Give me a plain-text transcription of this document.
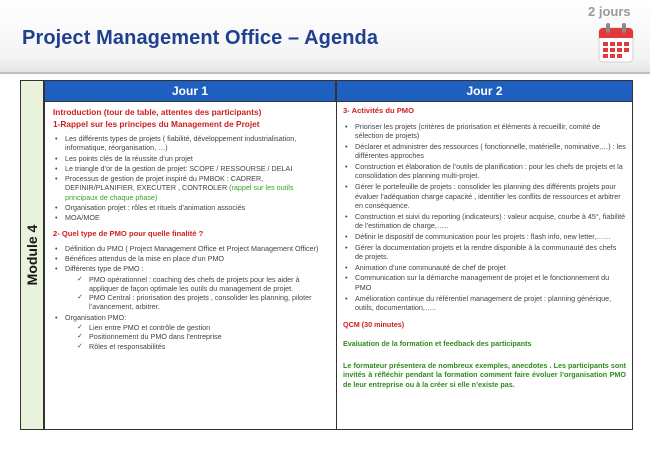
Project Management Office – Agenda
2 jours
Module 4
Jour 1	Jour 2
Introduction (tour de table, attentes des participants)
1-Rappel sur les principes du Management de Projet
• Les différents types de projets ( fiabilité, développement industrialisation, informatique, réorganisation, …)
• Les points clés de la réussite d’un projet
• Le triangle d’or de la gestion de projet: SCOPE / RESSOURSE / DELAI
• Processus de gestion de projet inspiré du PMBOK : CADRER, DEFINIR/PLANIFIER, EXECUTER , CONTROLER (rappel sur les outils principaux de chaque phase)
• Organisation projet : rôles et rituels d’animation associés
• MOA/MOE
2- Quel type de PMO pour quelle finalité ?
• Définition du PMO ( Project Management Office et Project Management Officer)
• Bénéfices attendus de la mise en place d’un PMO
• Différents type de PMO :
✓ PMO opérationnel : coaching des chefs de projets pour les aider à appliquer de façon optimale les outils du management de projet.
✓ PMO Central : priorisation des projets , consolider les planning, piloter l’avancement, arbitrer.
• Organisation PMO:
✓ Lien entre PMO et contrôle de gestion
✓ Positionnement du PMO dans l’entreprise
✓ Rôles et responsabilités
3- Activités du PMO
• Prioriser les projets (critères de priorisation et éléments à recueillir, comité de sélection de projets)
• Déclarer et administrer des ressources ( fonctionnelle, matérielle, nominative,…) : les différentes approches
• Construction et élaboration de l’outils de planification : pour les chefs de projets et la consolidation des planning multi-projet.
• Gérer le portefeuille de projets : consolider les planning des différents projets pour évaluer l’adéquation charge capacité , identifier les conflits de ressources et arbitrer en conséquence.
• Construction et suivi du reporting (indicateurs) : valeur acquise, courbe à 45°, fiabilité de l’estimation de charge,…..
• Définir le dispositif de communication pour les projets : flash info, new letter,……
• Gérer la documentation projets et la rendre disponible à la communauté des chefs de projets.
• Animation d’une communauté de chef de projet
• Communication sur la démarche management de projet et le fonctionnement du PMO
• Amélioration continue du référentiel management de projet : planning générique, outils, documentation,…..
QCM (30 minutes)
Evaluation de la formation et feedback des participants
Le formateur présentera de nombreux exemples, anecdotes . Les participants sont invités à réfléchir pendant la formation comment faire évoluer l’organisation PMO de leur entreprise ou à la créer si elle n’existe pas.
